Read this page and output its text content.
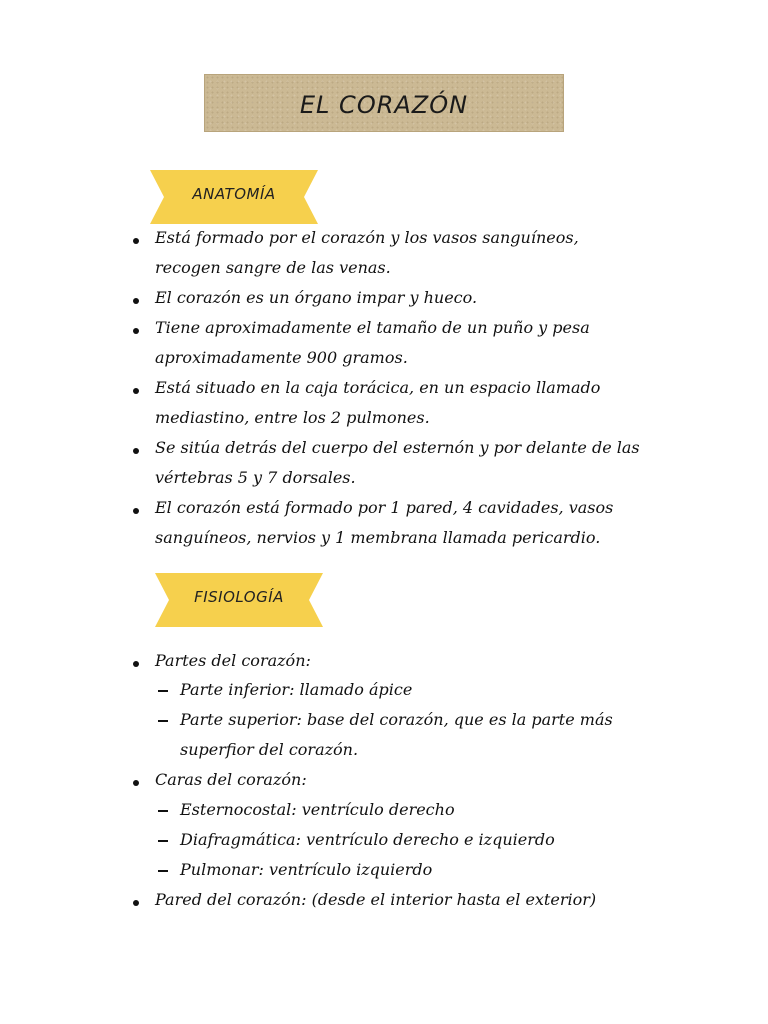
EL CORAZÓN
ANATOMÍA
Está formado por el corazón y los vasos sanguíneos,
recogen sangre de las venas.
El corazón es un órgano impar y hueco.
Tiene aproximadamente el tamaño de un puño y pesa
aproximadamente 900 gramos.
Está situado en la caja torácica, en un espacio llamado
mediastino, entre los 2 pulmones.
Se sitúa detrás del cuerpo del esternón y por delante de las
vértebras 5 y 7 dorsales.
El corazón está formado por 1 pared, 4 cavidades, vasos
sanguíneos, nervios y 1 membrana llamada pericardio.
FISIOLOGÍA
Partes del corazón:
Parte inferior: llamado ápice
Parte superior: base del corazón, que es la parte más
superfior del corazón.
Caras del corazón:
Esternocostal: ventrículo derecho
Diafragmática: ventrículo derecho e izquierdo
Pulmonar: ventrículo izquierdo
Pared del corazón: (desde el interior hasta el exterior)
